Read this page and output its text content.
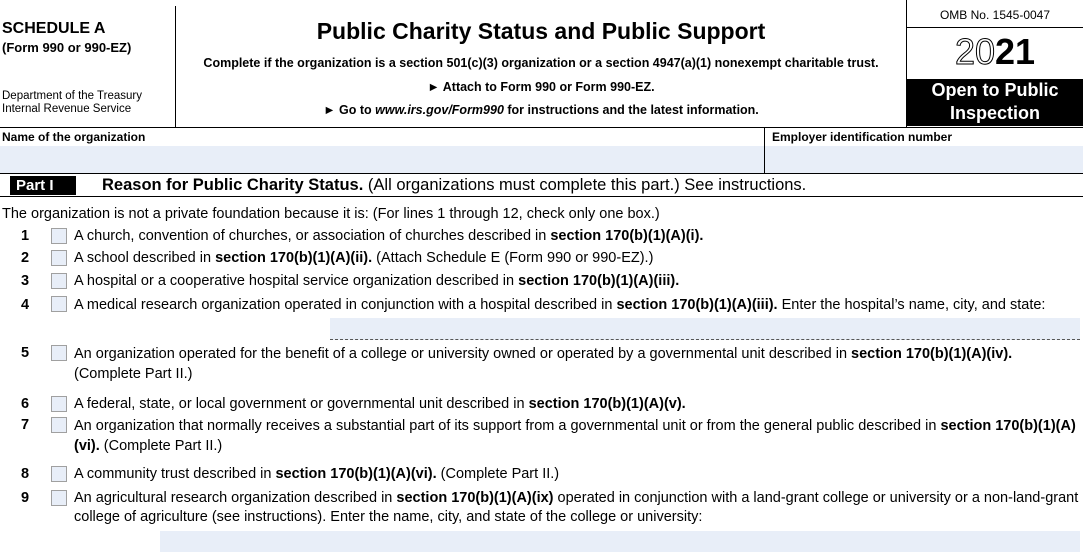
SCHEDULE A
(Form 990 or 990-EZ)
Department of the Treasury
Internal Revenue Service
Public Charity Status and Public Support
Complete if the organization is a section 501(c)(3) organization or a section 4947(a)(1) nonexempt charitable trust.
► Attach to Form 990 or Form 990-EZ.
► Go to www.irs.gov/Form990 for instructions and the latest information.
OMB No. 1545-0047
2021
Open to Public
Inspection
Name of the organization	Employer identification number
Part I	Reason for Public Charity Status. (All organizations must complete this part.) See instructions.
The organization is not a private foundation because it is: (For lines 1 through 12, check only one box.)
1	A church, convention of churches, or association of churches described in section 170(b)(1)(A)(i).
2	A school described in section 170(b)(1)(A)(ii). (Attach Schedule E (Form 990 or 990-EZ).)
3	A hospital or a cooperative hospital service organization described in section 170(b)(1)(A)(iii).
4	A medical research organization operated in conjunction with a hospital described in section 170(b)(1)(A)(iii). Enter the hospital’s name, city, and state:
5	An organization operated for the benefit of a college or university owned or operated by a governmental unit described in section 170(b)(1)(A)(iv). (Complete Part II.)
6	A federal, state, or local government or governmental unit described in section 170(b)(1)(A)(v).
7	An organization that normally receives a substantial part of its support from a governmental unit or from the general public described in section 170(b)(1)(A)(vi). (Complete Part II.)
8	A community trust described in section 170(b)(1)(A)(vi). (Complete Part II.)
9	An agricultural research organization described in section 170(b)(1)(A)(ix) operated in conjunction with a land-grant college or university or a non-land-grant college of agriculture (see instructions). Enter the name, city, and state of the college or university:
